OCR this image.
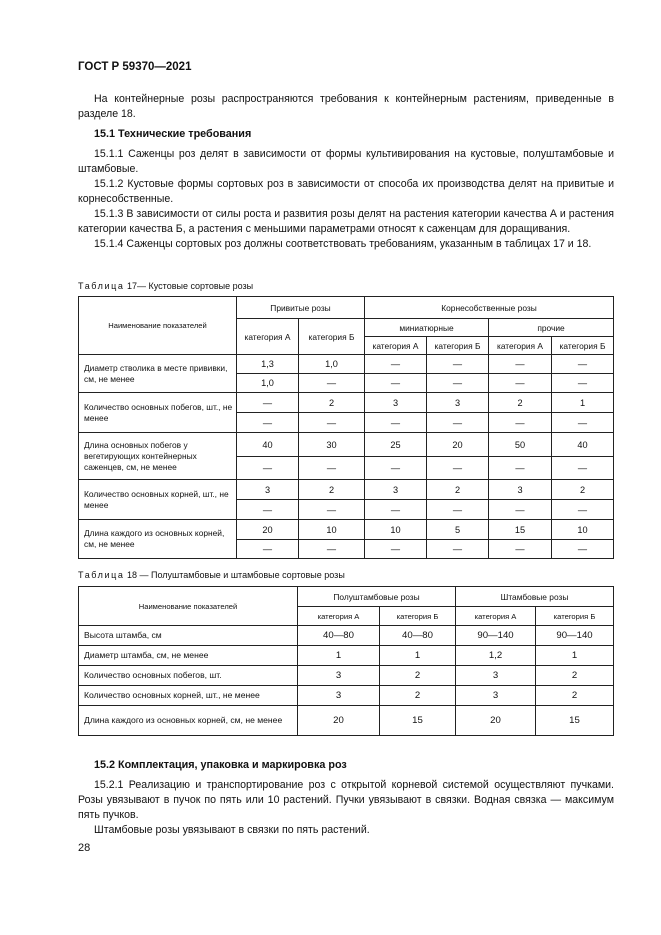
ГОСТ Р 59370—2021

На контейнерные розы распространяются требования к контейнерным растениям, приведенные в разделе 18.

15.1 Технические требования

15.1.1 Саженцы роз делят в зависимости от формы культивирования на кустовые, полуштамбовые и штамбовые.

15.1.2 Кустовые формы сортовых роз в зависимости от способа их производства делят на привитые и корнесобственные.

15.1.3 В зависимости от силы роста и развития розы делят на растения категории качества А и растения категории качества Б, а растения с меньшими параметрами относят к саженцам для доращивания.

15.1.4 Саженцы сортовых роз должны соответствовать требованиям, указанным в таблицах 17 и 18.

Таблица 17— Кустовые сортовые розы
Наименование показателей	Привитые розы		Корнесобственные розы			
	категория А	категория Б	миниатюрные		прочие	
			категория А	категория Б	категория А	категория Б
Диаметр стволика в месте прививки, см, не менее	1,3	1,0	—	—	—	—
	1,0	—	—	—	—	—
Количество основных побегов, шт., не менее	—	2	3	3	2	1
	—	—	—	—	—	—
Длина основных побегов у вегетирующих контейнерных саженцев, см, не менее	40	30	25	20	50	40
	—	—	—	—	—	—
Количество основных корней, шт., не менее	3	2	3	2	3	2
	—	—	—	—	—	—
Длина каждого из основных корней, см, не менее	20	10	10	5	15	10
	—	—	—	—	—	—
Таблица 18 — Полуштамбовые и штамбовые сортовые розы
Наименование показателей	Полуштамбовые розы		Штамбовые розы	
	категория А	категория Б	категория А	категория Б
Высота штамба, см	40—80	40—80	90—140	90—140
Диаметр штамба, см, не менее	1	1	1,2	1
Количество основных побегов, шт.	3	2	3	2
Количество основных корней, шт., не менее	3	2	3	2
Длина каждого из основных корней, см, не менее	20	15	20	15
15.2 Комплектация, упаковка и маркировка роз

15.2.1 Реализацию и транспортирование роз с открытой корневой системой осуществляют пучками. Розы увязывают в пучок по пять или 10 растений. Пучки увязывают в связки. Водная связка — максимум пять пучков.

Штамбовые розы увязывают в связки по пять растений.

28
